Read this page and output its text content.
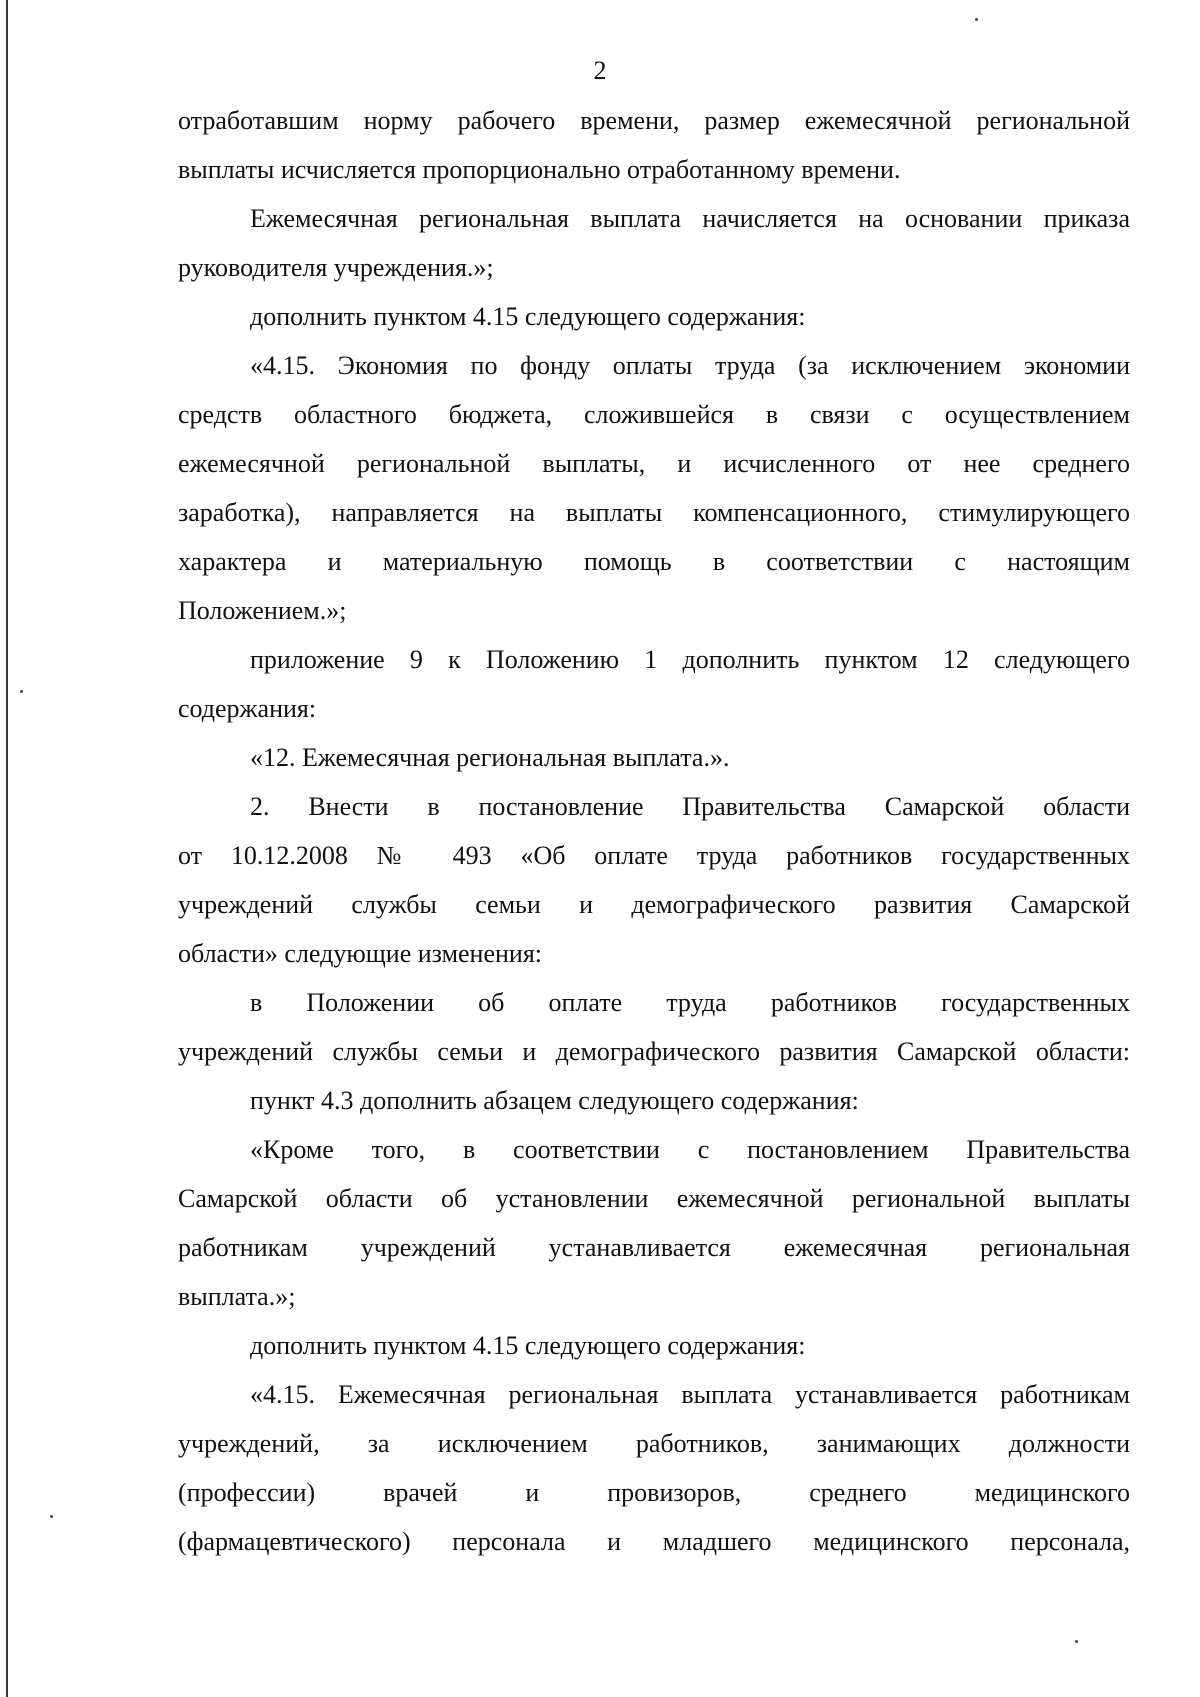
2
отработавшим норму рабочего времени, размер ежемесячной региональной
выплаты исчисляется пропорционально отработанному времени.
Ежемесячная региональная выплата начисляется на основании приказа
руководителя учреждения.»;
дополнить пунктом 4.15 следующего содержания:
«4.15. Экономия по фонду оплаты труда (за исключением экономии
средств областного бюджета, сложившейся в связи с осуществлением
ежемесячной региональной выплаты, и исчисленного от нее среднего
заработка), направляется на выплаты компенсационного, стимулирующего
характера и материальную помощь в соответствии с настоящим
Положением.»;
приложение 9 к Положению 1 дополнить пунктом 12 следующего
содержания:
«12. Ежемесячная региональная выплата.».
2. Внести в постановление Правительства Самарской области
от 10.12.2008 № 493 «Об оплате труда работников государственных
учреждений службы семьи и демографического развития Самарской
области» следующие изменения:
в Положении об оплате труда работников государственных
учреждений службы семьи и демографического развития Самарской области:
пункт 4.3 дополнить абзацем следующего содержания:
«Кроме того, в соответствии с постановлением Правительства
Самарской области об установлении ежемесячной региональной выплаты
работникам учреждений устанавливается ежемесячная региональная
выплата.»;
дополнить пунктом 4.15 следующего содержания:
«4.15. Ежемесячная региональная выплата устанавливается работникам
учреждений, за исключением работников, занимающих должности
(профессии) врачей и провизоров, среднего медицинского
(фармацевтического) персонала и младшего медицинского персонала,
